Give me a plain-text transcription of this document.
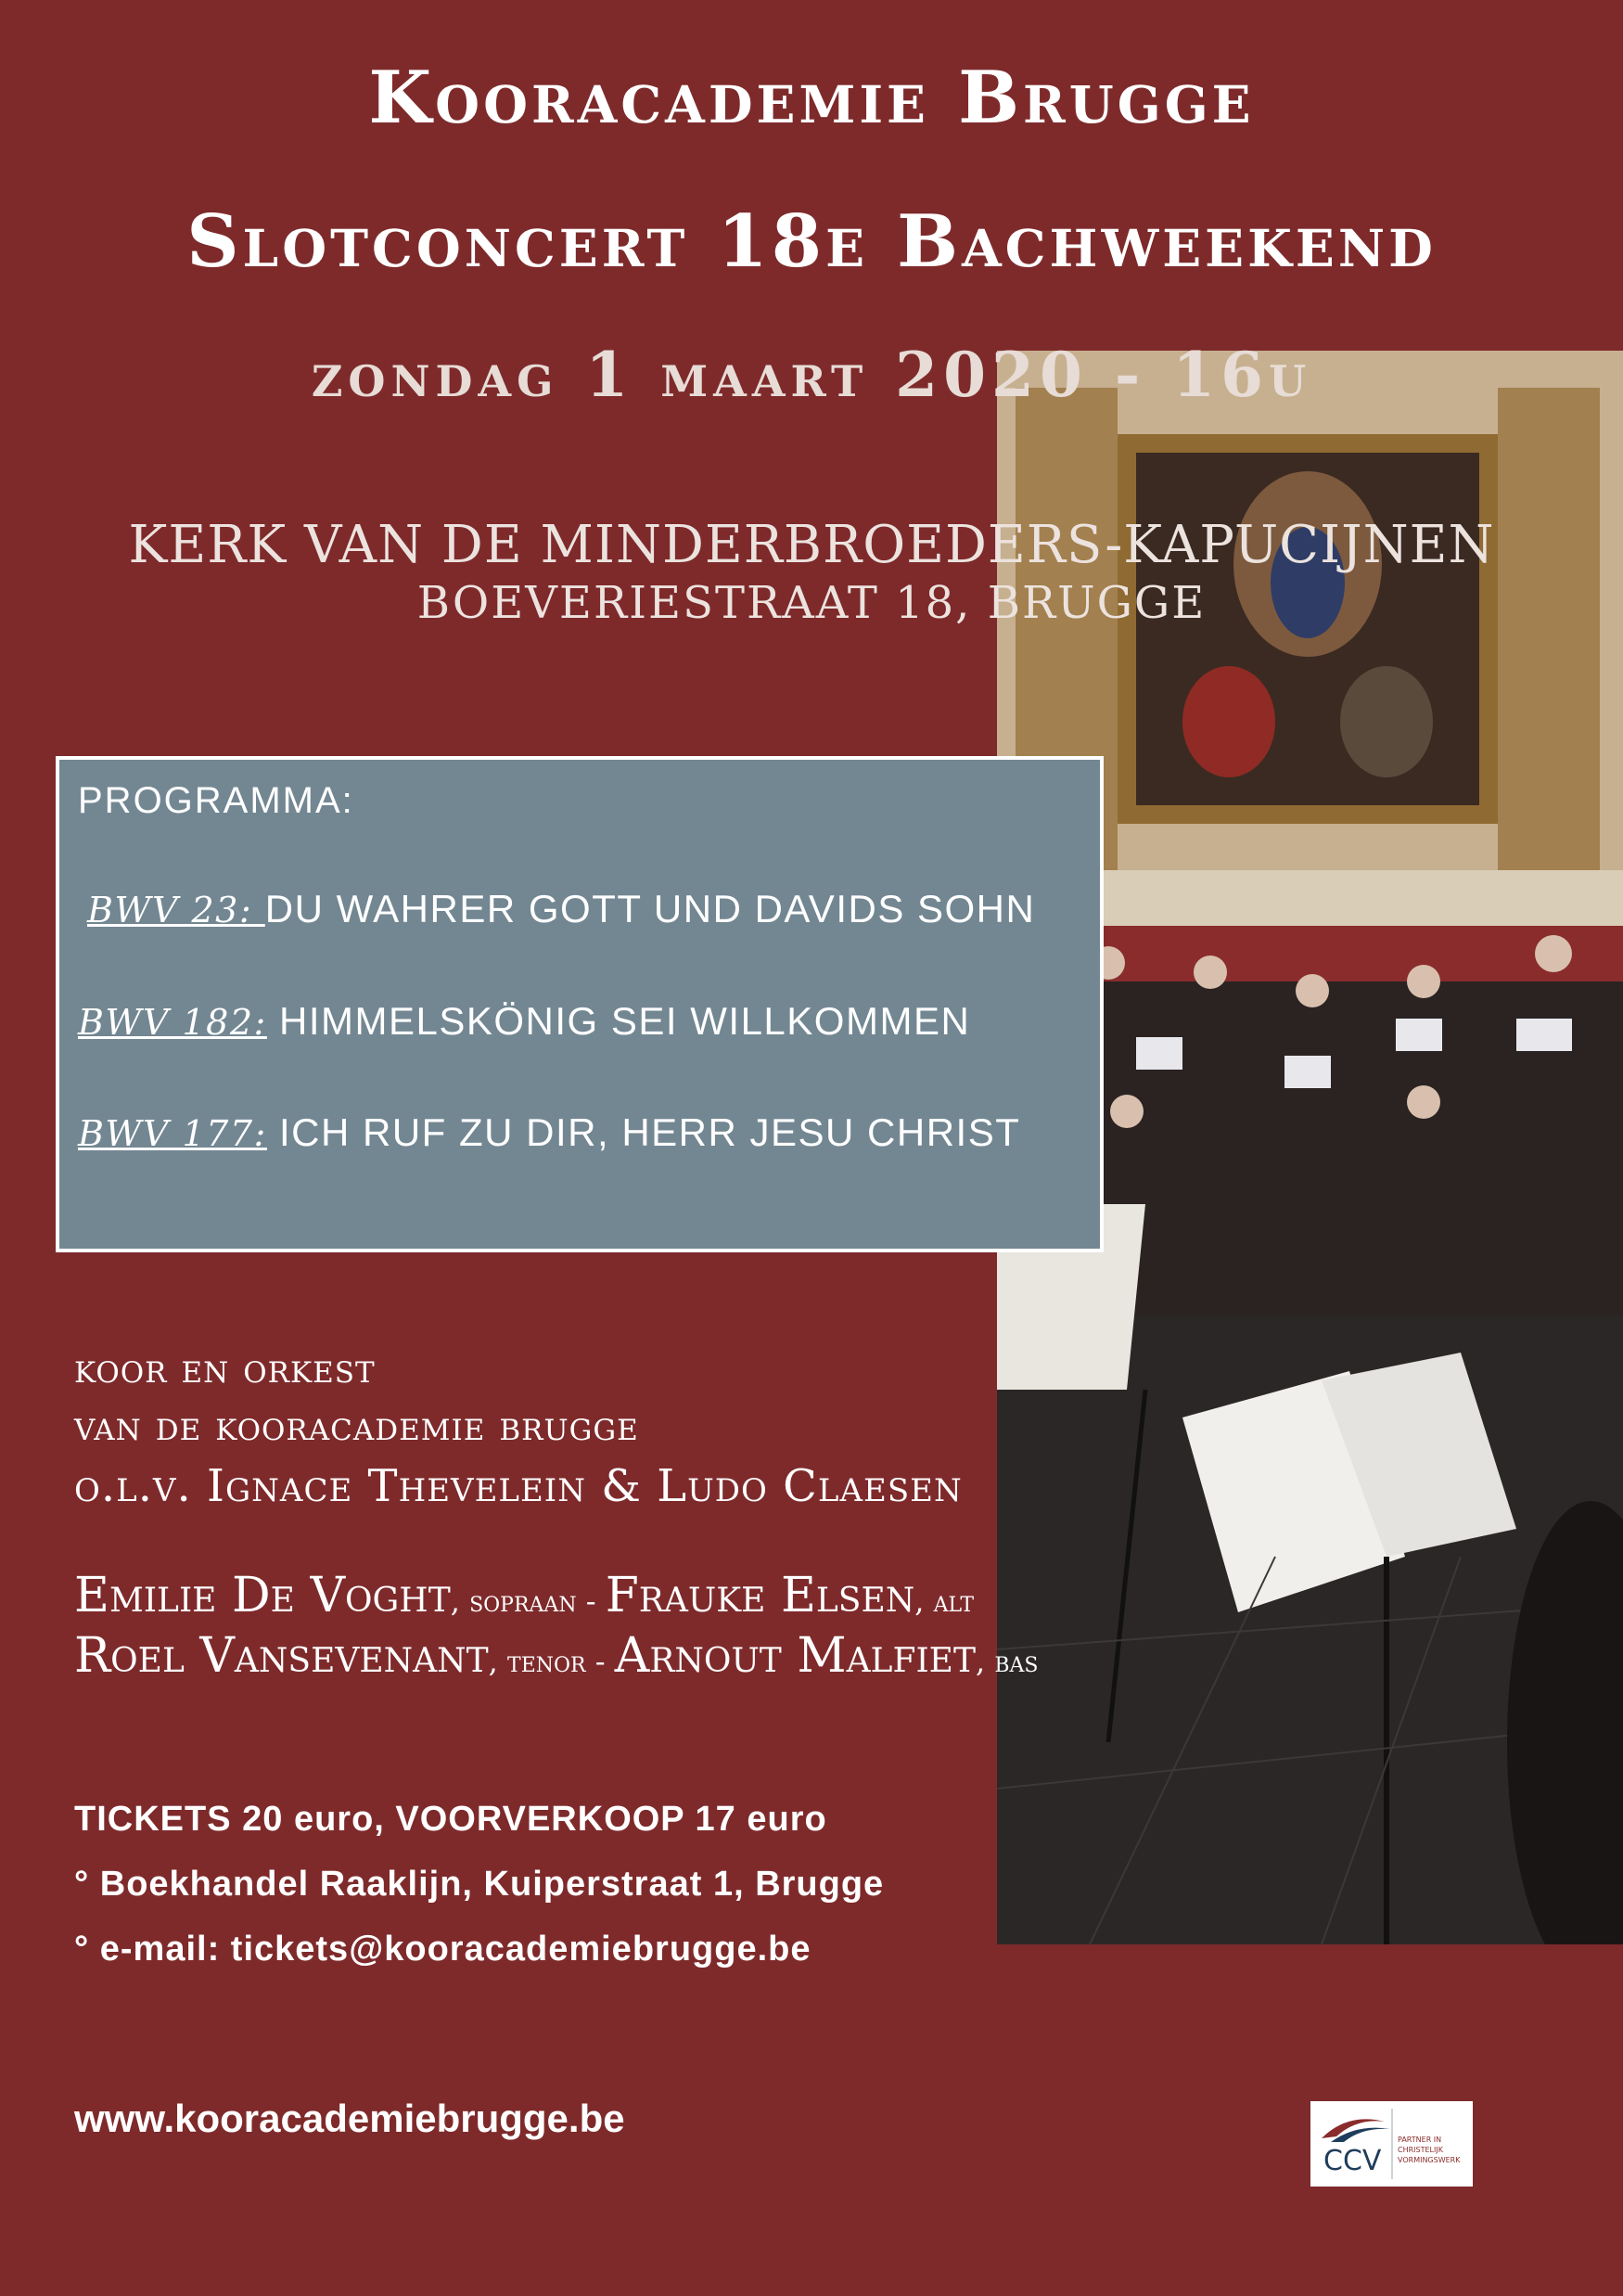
Kooracademie Brugge
Slotconcert 18e Bachweekend
zondag 1 maart 2020 - 16u
KERK VAN DE MINDERBROEDERS-KAPUCIJNEN
BOEVERIESTRAAT 18, BRUGGE
PROGRAMMA:
BWV 23: DU WAHRER GOTT UND DAVIDS SOHN
BWV 182: HIMMELSKÖNIG SEI WILLKOMMEN
BWV 177: ICH RUF ZU DIR, HERR JESU CHRIST
koor en orkest
van de kooracademie brugge
o.l.v. Ignace Thevelein & Ludo Claesen
Emilie De Voght, sopraan - Frauke Elsen, alt
Roel Vansevenant, tenor - Arnout Malfiet, bas
TICKETS 20 euro, VOORVERKOOP 17 euro
° Boekhandel Raaklijn, Kuiperstraat 1, Brugge
° e-mail: tickets@kooracademiebrugge.be
www.kooracademiebrugge.be
CCV
PARTNER IN
CHRISTELIJK
VORMINGSWERK
